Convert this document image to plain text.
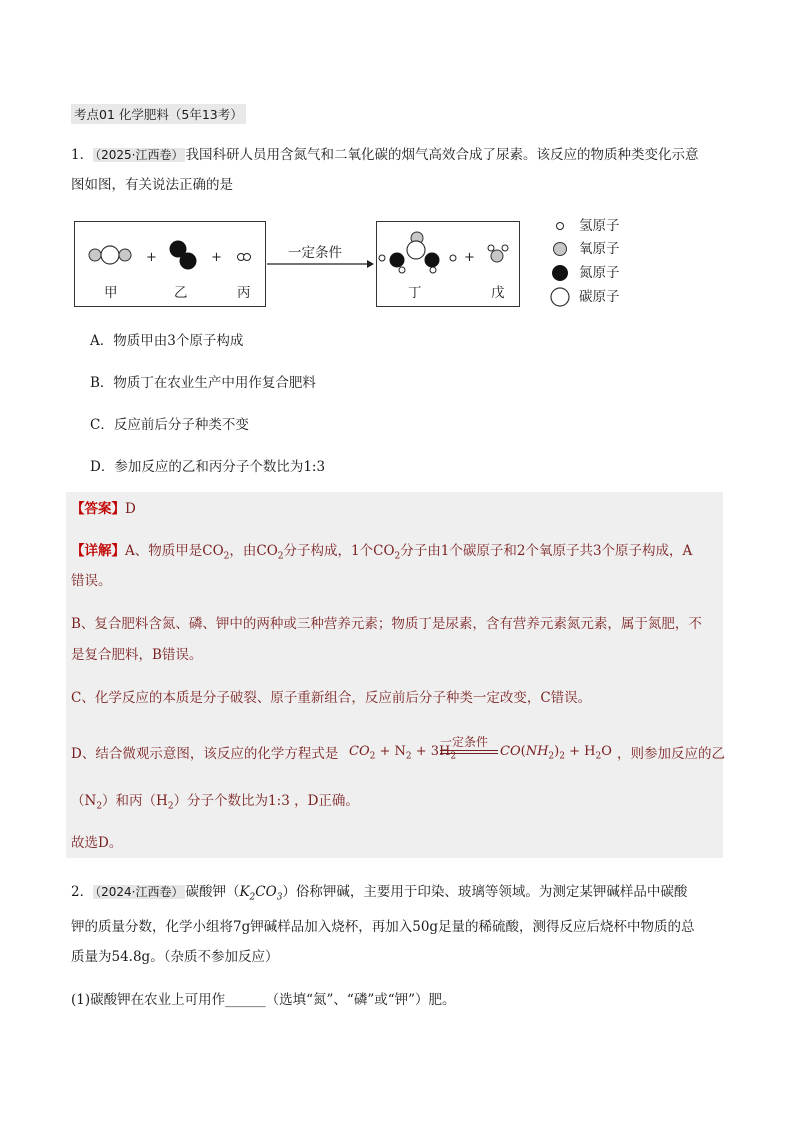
考点01 化学肥料（5年13考）
1． （2025·江西卷） 我国科研人员用含氮气和二氧化碳的烟气高效合成了尿素。该反应的物质种类变化示意
图如图，有关说法正确的是
+	+	+
一定条件
甲	乙	丙	丁	戊
氢原子
氧原子
氮原子
碳原子
A．物质甲由3个原子构成
B．物质丁在农业生产中用作复合肥料
C．反应前后分子种类不变
D．参加反应的乙和丙分子个数比为1:3
【答案】D
【详解】A、物质甲是$CO_2$，由$CO_2$分子构成，1个$CO_2$分子由1个碳原子和2个氧原子共3个原子构成，A
错误。
B、复合肥料含氮、磷、钾中的两种或三种营养元素；物质丁是尿素，含有营养元素氮元素，属于氮肥，不
是复合肥料，B错误。
C、化学反应的本质是分子破裂、原子重新组合，反应前后分子种类一定改变，C错误。
D、结合微观示意图，该反应的化学方程式是 $CO_2 + N_2 + 3H_2$
一定条件
$CO(NH_2)_2 + H_2O$ ，则参加反应的乙
$(N_2)$和丙$(H_2)$分子个数比为1:3 ，D正确。
故选D。
2． （2024·江西卷） 碳酸钾$(K_2CO_3)$俗称钾碱，主要用于印染、玻璃等领域。为测定某钾碱样品中碳酸
钾的质量分数，化学小组将7g钾碱样品加入烧杯，再加入50g足量的稀硫酸，测得反应后烧杯中物质的总
质量为54.8g。（杂质不参加反应）
(1)碳酸钾在农业上可用作______（选填“氮”、“磷”或“钾”）肥。
